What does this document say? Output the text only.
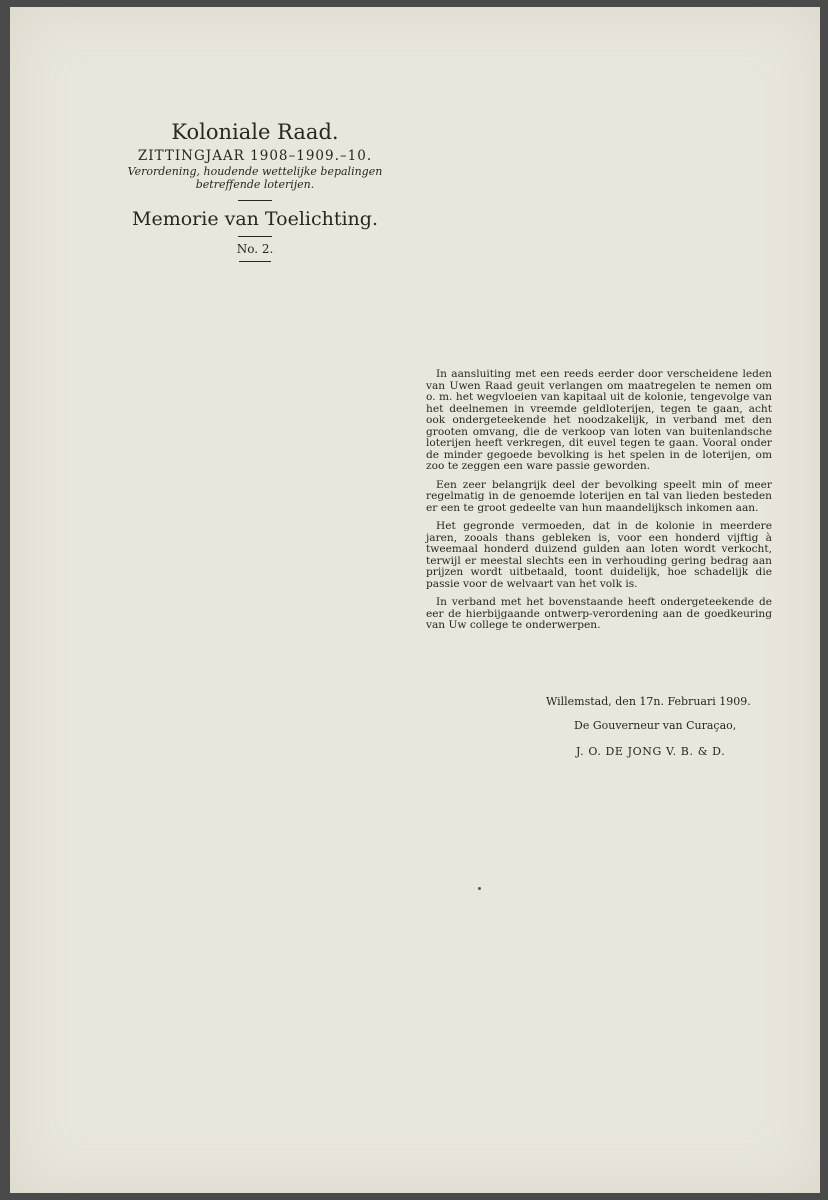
Koloniale Raad.
ZITTINGJAAR 1908–1909.–10.
Verordening, houdende wettelijke bepalingen
betreffende loterijen.
Memorie van Toelichting.
No. 2.

In aansluiting met een reeds eerder door verscheidene leden van Uwen Raad geuit verlangen om maatregelen te nemen om o. m. het wegvloeien van kapitaal uit de kolonie, tengevolge van het deelnemen in vreemde geldloterijen, tegen te gaan, acht ook ondergeteekende het noodzakelijk, in verband met den grooten omvang, die de verkoop van loten van buitenlandsche loterijen heeft verkregen, dit euvel tegen te gaan. Vooral onder de minder gegoede bevolking is het spelen in de loterijen, om zoo te zeggen een ware passie geworden.

Een zeer belangrijk deel der bevolking speelt min of meer regelmatig in de genoemde loterijen en tal van lieden besteden er een te groot gedeelte van hun maandelijksch inkomen aan.

Het gegronde vermoeden, dat in de kolonie in meerdere jaren, zooals thans gebleken is, voor een honderd vijftig à tweemaal honderd duizend gulden aan loten wordt verkocht, terwijl er meestal slechts een in verhouding gering bedrag aan prijzen wordt uitbetaald, toont duidelijk, hoe schadelijk die passie voor de welvaart van het volk is.

In verband met het bovenstaande heeft ondergeteekende de eer de hierbijgaande ontwerp-verordening aan de goedkeuring van Uw college te onderwerpen.

Willemstad, den 17n. Februari 1909.
De Gouverneur van Curaçao,
J. O. DE JONG V. B. & D.
